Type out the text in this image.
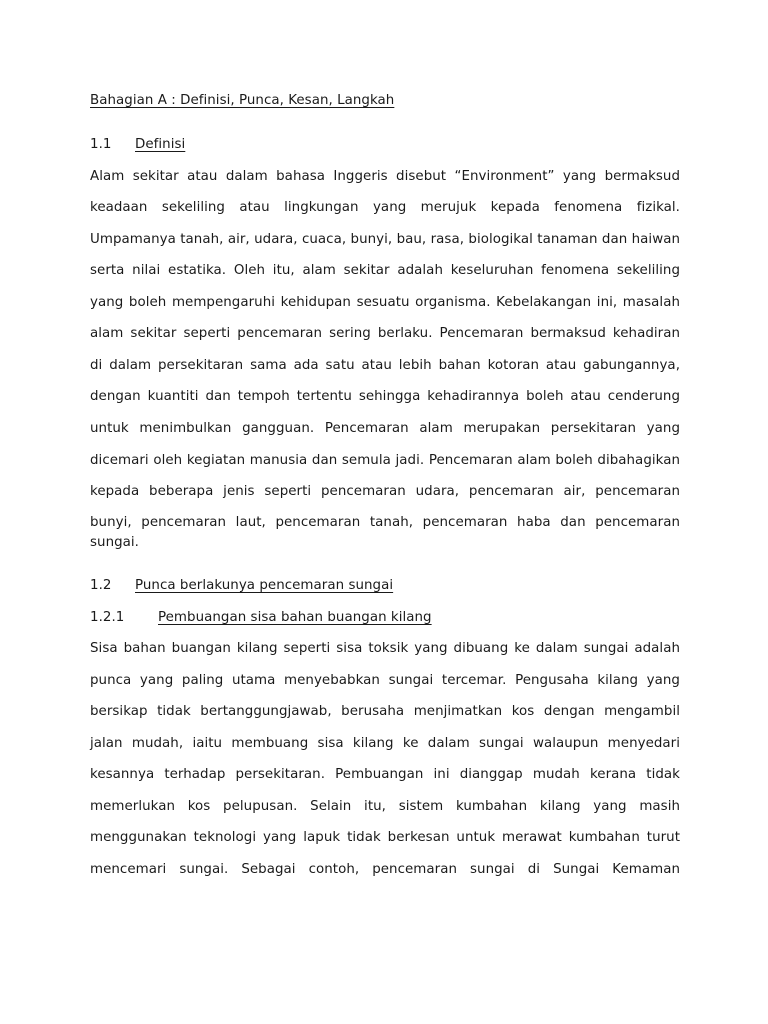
Bahagian A : Definisi, Punca, Kesan, Langkah
1.1 Definisi
Alam sekitar atau dalam bahasa Inggeris disebut “Environment” yang bermaksud
keadaan sekeliling atau lingkungan yang merujuk kepada fenomena fizikal.
Umpamanya tanah, air, udara, cuaca, bunyi, bau, rasa, biologikal tanaman dan haiwan
serta nilai estatika. Oleh itu, alam sekitar adalah keseluruhan fenomena sekeliling
yang boleh mempengaruhi kehidupan sesuatu organisma. Kebelakangan ini, masalah
alam sekitar seperti pencemaran sering berlaku. Pencemaran bermaksud kehadiran
di dalam persekitaran sama ada satu atau lebih bahan kotoran atau gabungannya,
dengan kuantiti dan tempoh tertentu sehingga kehadirannya boleh atau cenderung
untuk menimbulkan gangguan. Pencemaran alam merupakan persekitaran yang
dicemari oleh kegiatan manusia dan semula jadi. Pencemaran alam boleh dibahagikan
kepada beberapa jenis seperti pencemaran udara, pencemaran air, pencemaran
bunyi, pencemaran laut, pencemaran tanah, pencemaran haba dan pencemaran sungai.
1.2 Punca berlakunya pencemaran sungai
1.2.1	Pembuangan sisa bahan buangan kilang
Sisa bahan buangan kilang seperti sisa toksik yang dibuang ke dalam sungai adalah
punca yang paling utama menyebabkan sungai tercemar. Pengusaha kilang yang
bersikap tidak bertanggungjawab, berusaha menjimatkan kos dengan mengambil
jalan mudah, iaitu membuang sisa kilang ke dalam sungai walaupun menyedari
kesannya terhadap persekitaran. Pembuangan ini dianggap mudah kerana tidak
memerlukan kos pelupusan. Selain itu, sistem kumbahan kilang yang masih
menggunakan teknologi yang lapuk tidak berkesan untuk merawat kumbahan turut
mencemari sungai. Sebagai contoh, pencemaran sungai di Sungai Kemaman
